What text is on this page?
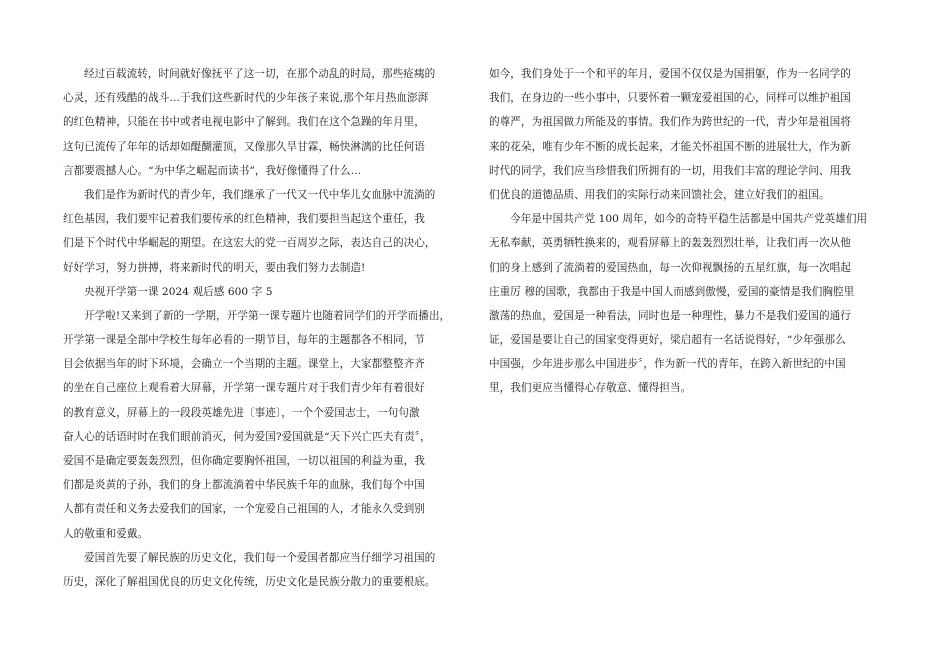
经过百载流转，时间就好像抚平了这一切，在那个动乱的时局，那些疮痍的
心灵，还有残酷的战斗…于我们这些新时代的少年孩子来说,那个年月热血澎湃
的红色精神，只能在书中或者电视电影中了解到。我们在这个急躁的年月里，
这句已流传了年年的话却如醍醐灌顶，又像那久旱甘霖，畅快淋漓的比任何语
言都要震撼人心。“为中华之崛起而读书”，我好像懂得了什么…
我们是作为新时代的青少年，我们继承了一代又一代中华儿女血脉中流淌的
红色基因，我们要牢记着我们要传承的红色精神，我们要担当起这个重任，我
们是下个时代中华崛起的期望。在这宏大的党一百周岁之际，表达自己的决心，
好好学习，努力拼搏，将来新时代的明天，要由我们努力去制造!
央视开学第一课 2024 观后感 600 字 5
开学啦!又来到了新的一学期，开学第一课专题片也随着同学们的开学而播出，
开学第一课是全部中学校生每年必看的一期节目，每年的主题都各不相同，节
目会依据当年的时下环境，会确立一个当期的主题。课堂上，大家都整整齐齐
的坐在自己座位上观看着大屏幕，开学第一课专题片对于我们青少年有着很好
的教育意义，屏幕上的一段段英雄先进〔事迹〕，一个个爱国志士，一句句激
奋人心的话语时时在我们眼前消灭，何为爱国?爱国就是“天下兴亡匹夫有责〞，
爱国不是确定要轰轰烈烈，但你确定要胸怀祖国，一切以祖国的利益为重，我
们都是炎黄的子孙，我们的身上都流淌着中华民族千年的血脉，我们每个中国
人都有责任和义务去爱我们的国家，一个宠爱自己祖国的人，才能永久受到别
人的敬重和爱戴。
爱国首先要了解民族的历史文化，我们每一个爱国者都应当仔细学习祖国的
历史，深化了解祖国优良的历史文化传统，历史文化是民族分散力的重要根底。
如今，我们身处于一个和平的年月，爱国不仅仅是为国捐躯，作为一名同学的
我们，在身边的一些小事中，只要怀着一颗宠爱祖国的心，同样可以维护祖国
的尊严，为祖国做力所能及的事情。我们作为跨世纪的一代，青少年是祖国将
来的花朵，唯有少年不断的成长起来，才能关怀祖国不断的进展壮大，作为新
时代的同学，我们应当珍惜我们所拥有的一切，用我们丰富的理论学问、用我
们优良的道德品质、用我们的实际行动来回馈社会，建立好我们的祖国。
今年是中国共产党 100 周年，如今的奇特平稳生活都是中国共产党英雄们用
无私奉献，英勇牺牲换来的，观看屏幕上的轰轰烈烈壮举，让我们再一次从他
们的身上感到了流淌着的爱国热血，每一次仰视飘扬的五星红旗，每一次唱起
庄重厉 穆的国歌，我都由于我是中国人而感到傲慢，爱国的豪情是我们胸腔里
激荡的热血，爱国是一种看法，同时也是一种理性，暴力不是我们爱国的通行
证，爱国是要让自己的国家变得更好，梁启超有一名话说得好，“少年强那么
中国强，少年进步那么中国进步〞，作为新一代的青年，在跨入新世纪的中国
里，我们更应当懂得心存敬意、懂得担当。
